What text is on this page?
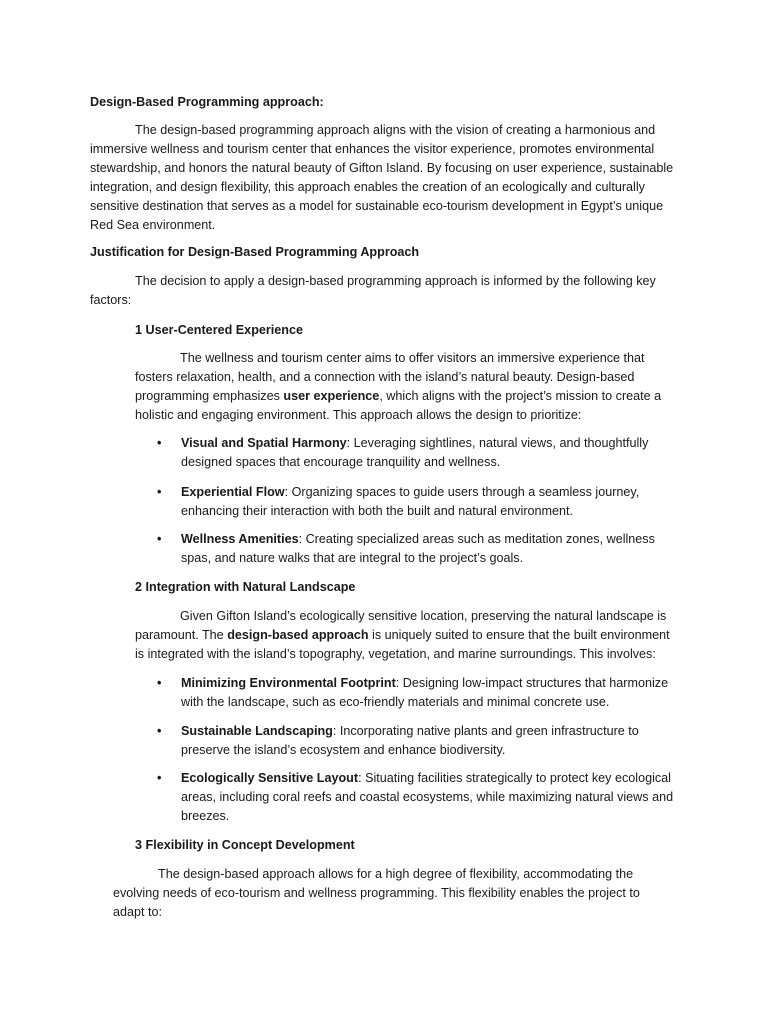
Design-Based Programming approach:

The design-based programming approach aligns with the vision of creating a harmonious and immersive wellness and tourism center that enhances the visitor experience, promotes environmental stewardship, and honors the natural beauty of Gifton Island. By focusing on user experience, sustainable integration, and design flexibility, this approach enables the creation of an ecologically and culturally sensitive destination that serves as a model for sustainable eco-tourism development in Egypt’s unique Red Sea environment.

Justification for Design-Based Programming Approach

The decision to apply a design-based programming approach is informed by the following key factors:

1 User-Centered Experience

The wellness and tourism center aims to offer visitors an immersive experience that fosters relaxation, health, and a connection with the island’s natural beauty. Design-based programming emphasizes user experience, which aligns with the project’s mission to create a holistic and engaging environment. This approach allows the design to prioritize:

•	Visual and Spatial Harmony: Leveraging sightlines, natural views, and thoughtfully designed spaces that encourage tranquility and wellness.
•	Experiential Flow: Organizing spaces to guide users through a seamless journey, enhancing their interaction with both the built and natural environment.
•	Wellness Amenities: Creating specialized areas such as meditation zones, wellness spas, and nature walks that are integral to the project’s goals.
2 Integration with Natural Landscape

Given Gifton Island’s ecologically sensitive location, preserving the natural landscape is paramount. The design-based approach is uniquely suited to ensure that the built environment is integrated with the island’s topography, vegetation, and marine surroundings. This involves:

•	Minimizing Environmental Footprint: Designing low-impact structures that harmonize with the landscape, such as eco-friendly materials and minimal concrete use.
•	Sustainable Landscaping: Incorporating native plants and green infrastructure to preserve the island’s ecosystem and enhance biodiversity.
•	Ecologically Sensitive Layout: Situating facilities strategically to protect key ecological areas, including coral reefs and coastal ecosystems, while maximizing natural views and breezes.
3 Flexibility in Concept Development

The design-based approach allows for a high degree of flexibility, accommodating the evolving needs of eco-tourism and wellness programming. This flexibility enables the project to adapt to:
